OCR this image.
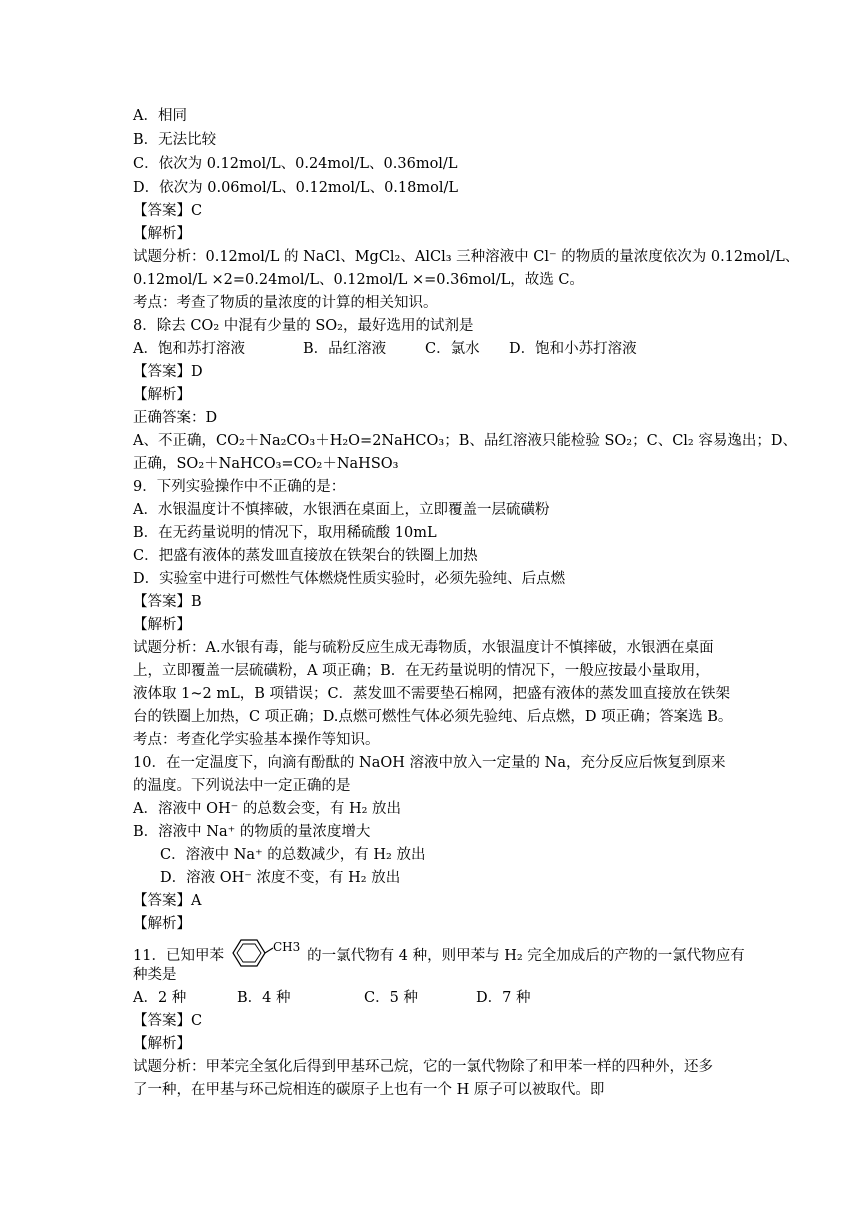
A．相同
B．无法比较
C．依次为 0.12mol/L、0.24mol/L、0.36mol/L
D．依次为 0.06mol/L、0.12mol/L、0.18mol/L
【答案】C
【解析】
试题分析：0.12mol/L 的 NaCl、MgCl₂、AlCl₃ 三种溶液中 Cl⁻ 的物质的量浓度依次为 0.12mol/L、
0.12mol/L ×2=0.24mol/L、0.12mol/L ×=0.36mol/L，故选 C。
考点：考查了物质的量浓度的计算的相关知识。
8．除去 CO₂ 中混有少量的 SO₂，最好选用的试剂是
A．饱和苏打溶液	B．品红溶液	C．氯水 D．饱和小苏打溶液
【答案】D
【解析】
正确答案：D
A、不正确，CO₂＋Na₂CO₃＋H₂O=2NaHCO₃；B、品红溶液只能检验 SO₂；C、Cl₂ 容易逸出；D、
正确，SO₂＋NaHCO₃=CO₂＋NaHSO₃
9．下列实验操作中不正确的是：
A．水银温度计不慎摔破，水银洒在桌面上，立即覆盖一层硫磺粉
B．在无药量说明的情况下，取用稀硫酸 10mL
C．把盛有液体的蒸发皿直接放在铁架台的铁圈上加热
D．实验室中进行可燃性气体燃烧性质实验时，必须先验纯、后点燃
【答案】B
【解析】
试题分析：A.水银有毒，能与硫粉反应生成无毒物质，水银温度计不慎摔破，水银洒在桌面
上，立即覆盖一层硫磺粉，A 项正确；B．在无药量说明的情况下，一般应按最小量取用，
液体取 1~2 mL，B 项错误；C．蒸发皿不需要垫石棉网，把盛有液体的蒸发皿直接放在铁架
台的铁圈上加热，C 项正确；D.点燃可燃性气体必须先验纯、后点燃，D 项正确；答案选 B。
考点：考查化学实验基本操作等知识。
10．在一定温度下，向滴有酚酞的 NaOH 溶液中放入一定量的 Na，充分反应后恢复到原来
的温度。下列说法中一定正确的是
A．溶液中 OH⁻ 的总数会变，有 H₂ 放出
B．溶液中 Na⁺ 的物质的量浓度增大
C．溶液中 Na⁺ 的总数减少，有 H₂ 放出
D．溶液 OH⁻ 浓度不变，有 H₂ 放出
【答案】A
【解析】
11．已知甲苯
CH3
的一氯代物有 4 种，则甲苯与 H₂ 完全加成后的产物的一氯代物应有
种类是
A．2 种	B．4 种	C．5 种	D．7 种
【答案】C
【解析】
试题分析：甲苯完全氢化后得到甲基环己烷，它的一氯代物除了和甲苯一样的四种外，还多
了一种，在甲基与环己烷相连的碳原子上也有一个 H 原子可以被取代。即
